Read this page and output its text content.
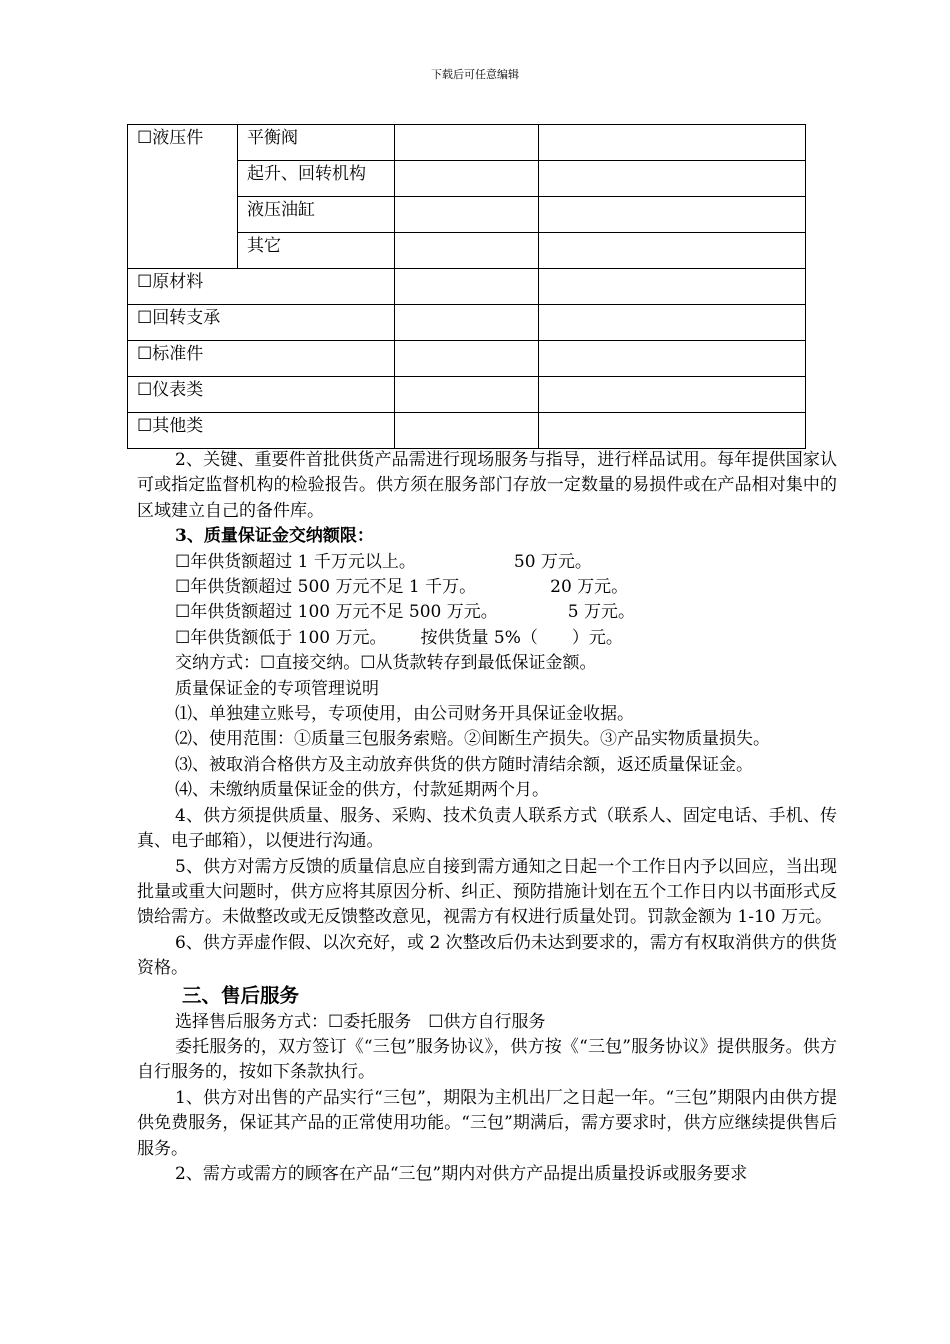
下载后可任意编辑
☐液压件	平衡阀		
	起升、回转机构		
	液压油缸		
	其它		
☐原材料			
☐回转支承			
☐标准件			
☐仪表类			
☐其他类			

2、关键、重要件首批供货产品需进行现场服务与指导，进行样品试用。每年提供国家认可或指定监督机构的检验报告。供方须在服务部门存放一定数量的易损件或在产品相对集中的区域建立自己的备件库。

3、质量保证金交纳额限：

☐年供货额超过 1 千万元以上。	50 万元。

☐年供货额超过 500 万元不足 1 千万。	20 万元。

☐年供货额超过 100 万元不足 500 万元。	5 万元。

☐年供货额低于 100 万元。 按供货量 5%（　　）元。

交纳方式：☐直接交纳。☐从货款转存到最低保证金额。

质量保证金的专项管理说明

⑴、单独建立账号，专项使用，由公司财务开具保证金收据。

⑵、使用范围：①质量三包服务索赔。②间断生产损失。③产品实物质量损失。

⑶、被取消合格供方及主动放弃供货的供方随时清结余额，返还质量保证金。

⑷、未缴纳质量保证金的供方，付款延期两个月。

4、供方须提供质量、服务、采购、技术负责人联系方式（联系人、固定电话、手机、传真、电子邮箱），以便进行沟通。

5、供方对需方反馈的质量信息应自接到需方通知之日起一个工作日内予以回应，当出现批量或重大问题时，供方应将其原因分析、纠正、预防措施计划在五个工作日内以书面形式反馈给需方。未做整改或无反馈整改意见，视需方有权进行质量处罚。罚款金额为 1-10 万元。

6、供方弄虚作假、以次充好，或 2 次整改后仍未达到要求的，需方有权取消供方的供货资格。

三、售后服务

选择售后服务方式：☐委托服务　☐供方自行服务

委托服务的，双方签订《“三包”服务协议》，供方按《“三包”服务协议》提供服务。供方自行服务的，按如下条款执行。

1、供方对出售的产品实行“三包”，期限为主机出厂之日起一年。“三包”期限内由供方提供免费服务，保证其产品的正常使用功能。“三包”期满后，需方要求时，供方应继续提供售后服务。

2、需方或需方的顾客在产品“三包”期内对供方产品提出质量投诉或服务要求
